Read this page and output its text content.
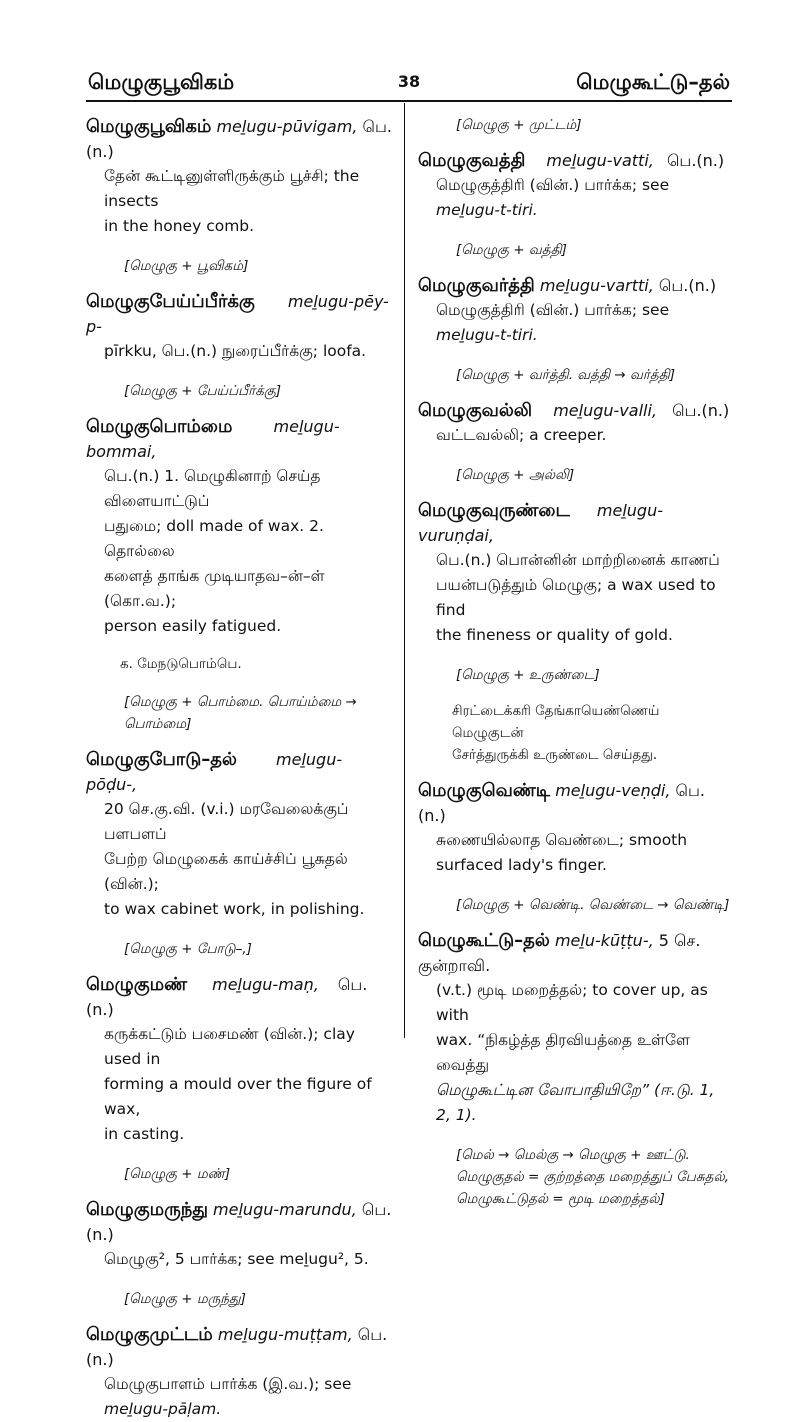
மெழுகுபூவிகம்	38	மெழுகூட்டு–தல்
மெழுகுபூவிகம் meḻugu-pūvigam, பெ.(n.)
தேன் கூட்டினுள்ளிருக்கும் பூச்சி; the insects
in the honey comb.
[மெழுகு + பூவிகம்]
மெழுகுபேய்ப்பீர்க்கு meḻugu-pēy-p-
pīrkku, பெ.(n.) நுரைப்பீர்க்கு; loofa.
[மெழுகு + பேய்ப்பீர்க்கு]
மெழுகுபொம்மை	meḻugu-bommai,
பெ.(n.) 1. மெழுகினாற் செய்த விளையாட்டுப்
பதுமை; doll made of wax. 2. தொல்லை
களைத் தாங்க முடியாதவ–ன்–ள் (கொ.வ.);
person easily fatigued.
க. மேநடுபொம்பெ.
[மெழுகு + பொம்மை. பொய்ம்மை →
பொம்மை]
மெழுகுபோடு–தல் meḻugu-pōḍu-,
20 செ.கு.வி. (v.i.) மரவேலைக்குப் பளபளப்
பேற்ற மெழுகைக் காய்ச்சிப் பூசுதல் (வின்.);
to wax cabinet work, in polishing.
[மெழுகு + போடு–,]
மெழுகுமண் meḻugu-maṇ, பெ.(n.)
கருக்கட்டும் பசைமண் (வின்.); clay used in
forming a mould over the figure of wax,
in casting.
[மெழுகு + மண்]
மெழுகுமருந்து meḻugu-marundu, பெ.(n.)
மெழுகு², 5 பார்க்க; see meḻugu², 5.
[மெழுகு + மருந்து]
மெழுகுமுட்டம் meḻugu-muṭṭam, பெ.(n.)
மெழுகுபாளம் பார்க்க (இ.வ.); see
meḻugu-pāḷam.
[மெழுகு + முட்டம்]
மெழுகுவத்தி meḻugu-vatti, பெ.(n.)
மெழுகுத்திரி (வின்.) பார்க்க; see
meḻugu-t-tiri.
[மெழுகு + வத்தி]
மெழுகுவர்த்தி meḻugu-vartti, பெ.(n.)
மெழுகுத்திரி (வின்.) பார்க்க; see
meḻugu-t-tiri.
[மெழுகு + வர்த்தி. வத்தி → வர்த்தி]
மெழுகுவல்லி meḻugu-valli, பெ.(n.)
வட்டவல்லி; a creeper.
[மெழுகு + அல்லி]
மெழுகுவுருண்டை meḻugu-vuruṇḍai,
பெ.(n.) பொன்னின் மாற்றினைக் காணப்
பயன்படுத்தும் மெழுகு; a wax used to find
the fineness or quality of gold.
[மெழுகு + உருண்டை]
சிரட்டைக்கரி தேங்காயெண்ணெய் மெழுகுடன்
சேர்த்துருக்கி உருண்டை செய்தது.
மெழுகுவெண்டி meḻugu-veṇḍi, பெ.(n.)
சுணையில்லாத வெண்டை; smooth
surfaced lady's finger.
[மெழுகு + வெண்டி. வெண்டை → வெண்டி]
மெழுகூட்டு–தல் meḻu-kūṭṭu-, 5 செ. குன்றாவி.
(v.t.) மூடி மறைத்தல்; to cover up, as with
wax. “நிகழ்த்த திரவியத்தை உள்ளே வைத்து
மெழுகூட்டின வோபாதியிறே” (ஈ.டு. 1, 2, 1).
[மெல் → மெல்கு → மெழுகு + ஊட்டு.
மெழுகுதல் = குற்றத்தை மறைத்துப் பேசுதல்,
மெழுகூட்டுதல் = மூடி மறைத்தல்]
